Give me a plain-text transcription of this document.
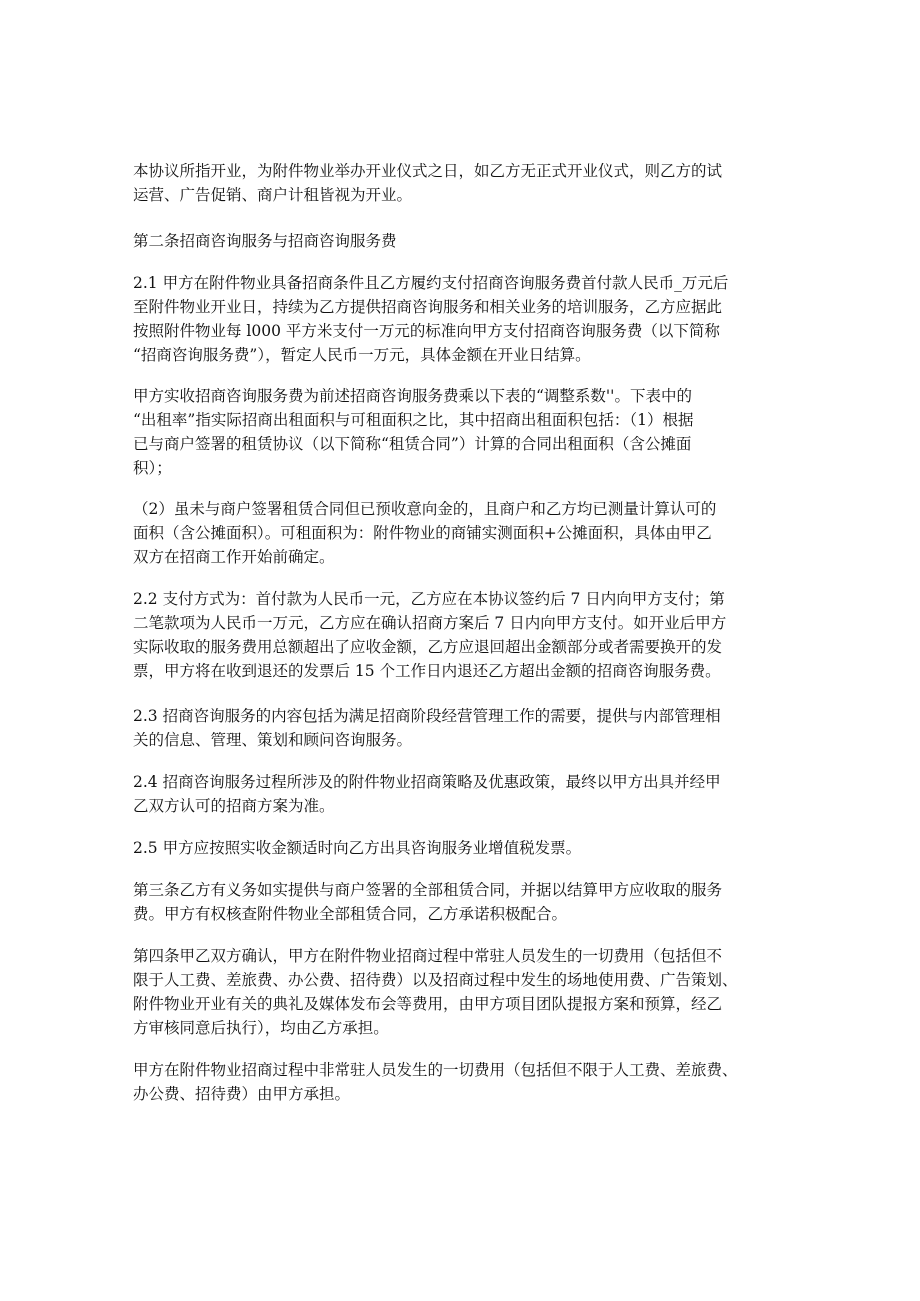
本协议所指开业，为附件物业举办开业仪式之日，如乙方无正式开业仪式，则乙方的试
运营、广告促销、商户计租皆视为开业。

第二条招商咨询服务与招商咨询服务费

2.1 甲方在附件物业具备招商条件且乙方履约支付招商咨询服务费首付款人民币_万元后
至附件物业开业日，持续为乙方提供招商咨询服务和相关业务的培训服务，乙方应据此
按照附件物业每 l000 平方米支付一万元的标准向甲方支付招商咨询服务费（以下简称
“招商咨询服务费”），暂定人民币一万元，具体金额在开业日结算。

甲方实收招商咨询服务费为前述招商咨询服务费乘以下表的“调整系数''。下表中的
“出租率”指实际招商出租面积与可租面积之比，其中招商出租面积包括：（1）根据
已与商户签署的租赁协议（以下简称“租赁合同”）计算的合同出租面积（含公摊面
积）；

（2）虽未与商户签署租赁合同但已预收意向金的，且商户和乙方均已测量计算认可的
面积（含公摊面积）。可租面积为：附件物业的商铺实测面积+公摊面积，具体由甲乙
双方在招商工作开始前确定。

2.2 支付方式为：首付款为人民币一元，乙方应在本协议签约后 7 日内向甲方支付；第
二笔款项为人民币一万元，乙方应在确认招商方案后 7 日内向甲方支付。如开业后甲方
实际收取的服务费用总额超出了应收金额，乙方应退回超出金额部分或者需要换开的发
票，甲方将在收到退还的发票后 15 个工作日内退还乙方超出金额的招商咨询服务费。

2.3 招商咨询服务的内容包括为满足招商阶段经营管理工作的需要，提供与内部管理相
关的信息、管理、策划和顾问咨询服务。

2.4 招商咨询服务过程所涉及的附件物业招商策略及优惠政策，最终以甲方出具并经甲
乙双方认可的招商方案为准。

2.5 甲方应按照实收金额适时向乙方出具咨询服务业增值税发票。

第三条乙方有义务如实提供与商户签署的全部租赁合同，并据以结算甲方应收取的服务
费。甲方有权核查附件物业全部租赁合同，乙方承诺积极配合。

第四条甲乙双方确认，甲方在附件物业招商过程中常驻人员发生的一切费用（包括但不
限于人工费、差旅费、办公费、招待费）以及招商过程中发生的场地使用费、广告策划、
附件物业开业有关的典礼及媒体发布会等费用，由甲方项目团队提报方案和预算，经乙
方审核同意后执行），均由乙方承担。

甲方在附件物业招商过程中非常驻人员发生的一切费用（包括但不限于人工费、差旅费、
办公费、招待费）由甲方承担。
